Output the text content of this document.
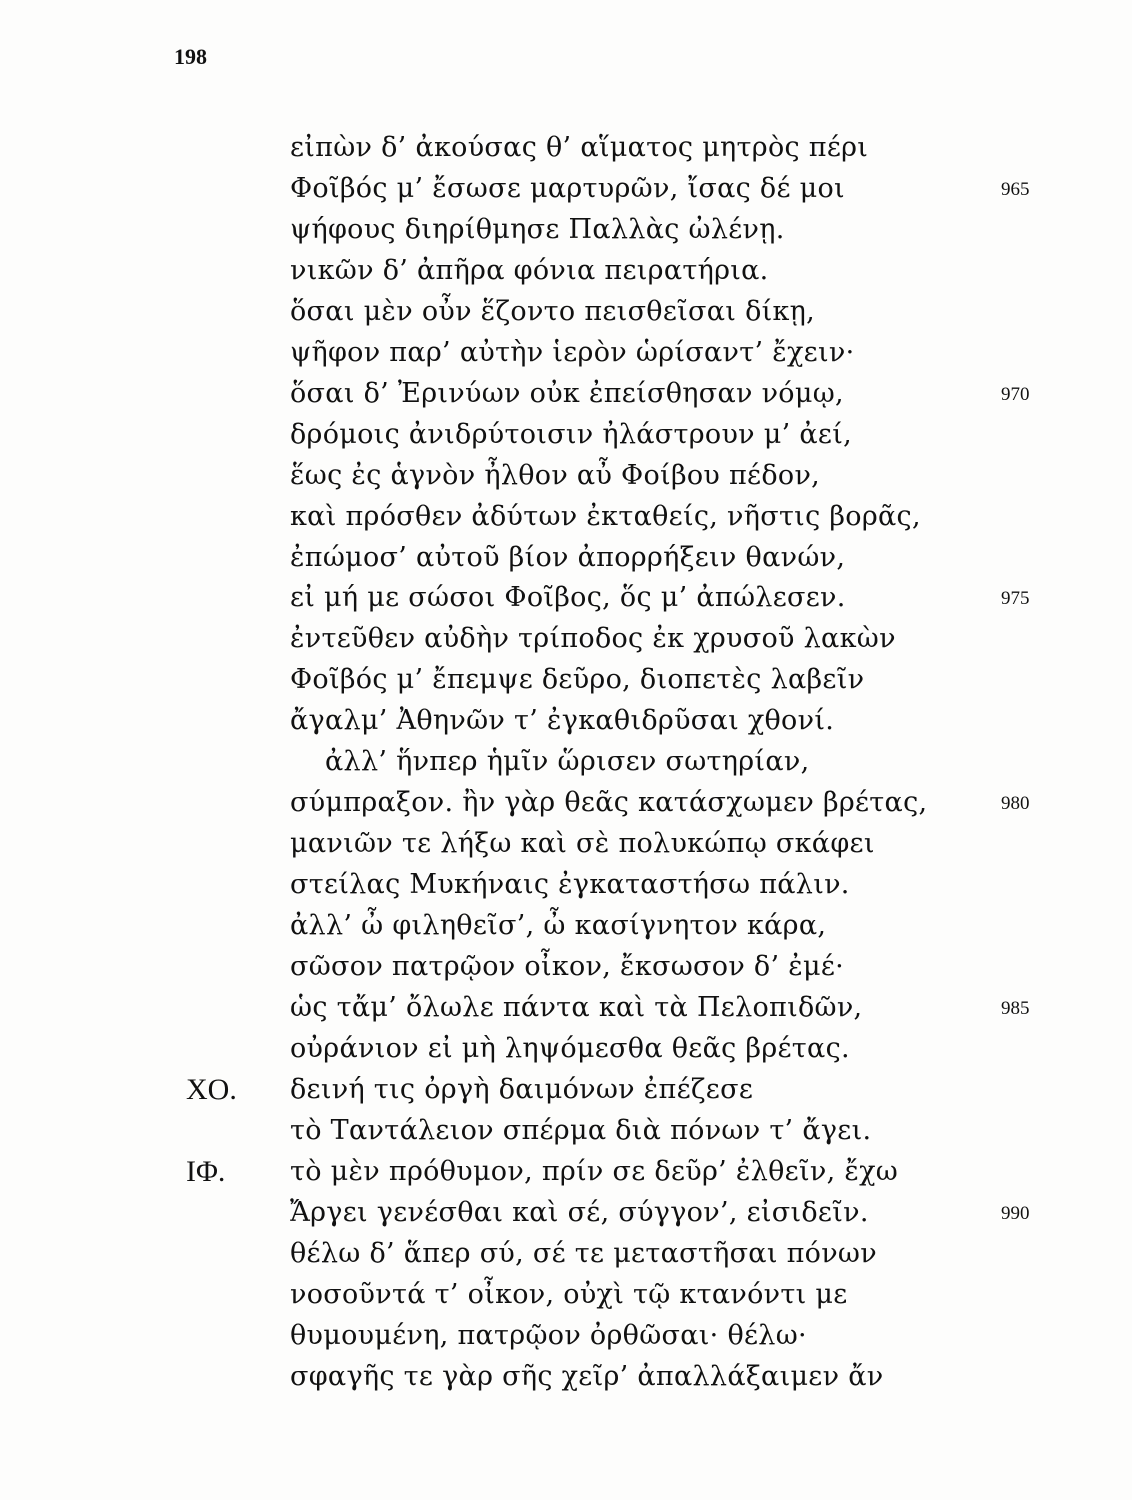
198
εἰπὼν δ’ ἀκούσας θ’ αἵματος μητρὸς πέρι
Φοῖβός μ’ ἔσωσε μαρτυρῶν, ἴσας δέ μοι	965
ψήφους διηρίθμησε Παλλὰς ὠλένῃ.
νικῶν δ’ ἀπῆρα φόνια πειρατήρια.
ὅσαι μὲν οὖν ἕζοντο πεισθεῖσαι δίκῃ,
ψῆφον παρ’ αὐτὴν ἱερὸν ὡρίσαντ’ ἔχειν·
ὅσαι δ’ Ἐρινύων οὐκ ἐπείσθησαν νόμῳ,	970
δρόμοις ἀνιδρύτοισιν ἠλάστρουν μ’ ἀεί,
ἕως ἐς ἁγνὸν ἦλθον αὖ Φοίβου πέδον,
καὶ πρόσθεν ἀδύτων ἐκταθείς, νῆστις βορᾶς,
ἐπώμοσ’ αὐτοῦ βίον ἀπορρήξειν θανών,
εἰ μή με σώσοι Φοῖβος, ὅς μ’ ἀπώλεσεν.	975
ἐντεῦθεν αὐδὴν τρίποδος ἐκ χρυσοῦ λακὼν
Φοῖβός μ’ ἔπεμψε δεῦρο, διοπετὲς λαβεῖν
ἄγαλμ’ Ἀθηνῶν τ’ ἐγκαθιδρῦσαι χθονί.
ἀλλ’ ἥνπερ ἡμῖν ὥρισεν σωτηρίαν,
σύμπραξον. ἢν γὰρ θεᾶς κατάσχωμεν βρέτας,	980
μανιῶν τε λήξω καὶ σὲ πολυκώπῳ σκάφει
στείλας Μυκήναις ἐγκαταστήσω πάλιν.
ἀλλ’ ὦ φιληθεῖσ’, ὦ κασίγνητον κάρα,
σῶσον πατρῷον οἶκον, ἔκσωσον δ’ ἐμέ·
ὡς τἄμ’ ὄλωλε πάντα καὶ τὰ Πελοπιδῶν,	985
οὐράνιον εἰ μὴ ληψόμεσθα θεᾶς βρέτας.
ΧΟ. δεινή τις ὀργὴ δαιμόνων ἐπέζεσε
τὸ Ταντάλειον σπέρμα διὰ πόνων τ’ ἄγει.
ΙΦ. τὸ μὲν πρόθυμον, πρίν σε δεῦρ’ ἐλθεῖν, ἔχω
Ἄργει γενέσθαι καὶ σέ, σύγγον’, εἰσιδεῖν.	990
θέλω δ’ ἅπερ σύ, σέ τε μεταστῆσαι πόνων
νοσοῦντά τ’ οἶκον, οὐχὶ τῷ κτανόντι με
θυμουμένη, πατρῷον ὀρθῶσαι· θέλω·
σφαγῆς τε γὰρ σῆς χεῖρ’ ἀπαλλάξαιμεν ἄν
